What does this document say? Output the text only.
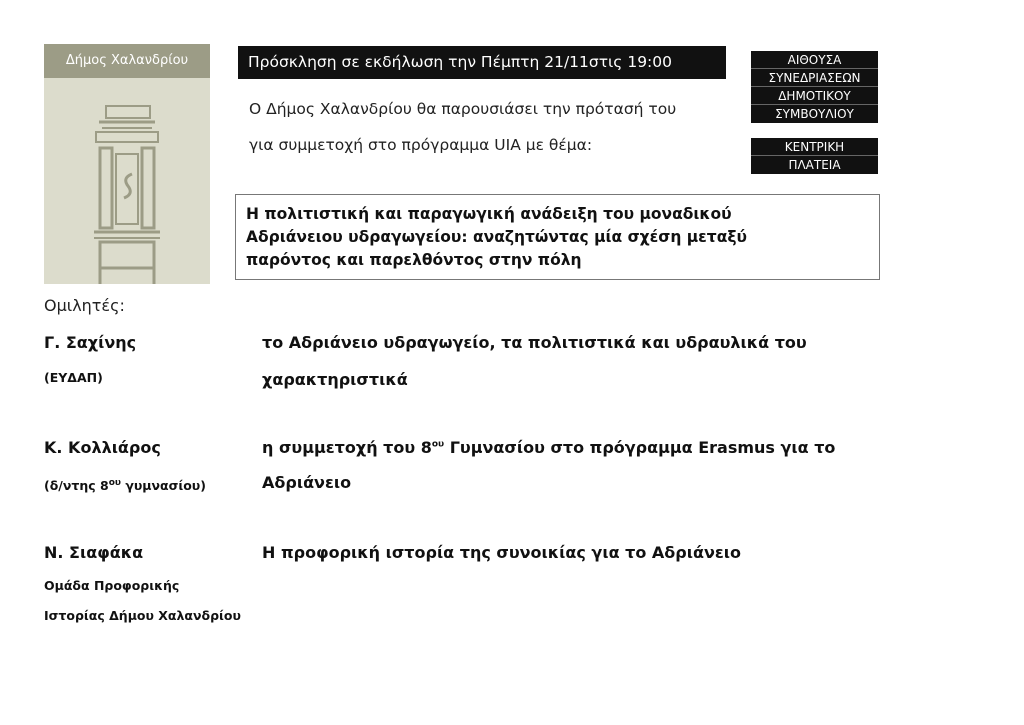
Δήμος Χαλανδρίου	Πρόσκληση σε εκδήλωση την Πέμπτη 21/11στις 19:00	ΑΙΘΟΥΣΑ
ΣΥΝΕΔΡΙΑΣΕΩΝ
ΔΗΜΟΤΙΚΟΥ
ΣΥΜΒΟΥΛΙΟΥ
ΚΕΝΤΡΙΚΗ
ΠΛΑΤΕΙΑ
Ο Δήμος Χαλανδρίου θα παρουσιάσει την πρότασή του
για συμμετοχή στο πρόγραμμα UIA με θέμα:
Η πολιτιστική και παραγωγική ανάδειξη του μοναδικού
Αδριάνειου υδραγωγείου: αναζητώντας μία σχέση μεταξύ
παρόντος και παρελθόντος στην πόλη
Ομιλητές:
Γ. Σαχίνης
(ΕΥΔΑΠ)
το Αδριάνειο υδραγωγείο, τα πολιτιστικά και υδραυλικά του
χαρακτηριστικά
Κ. Κολλιάρος
(δ/ντης $8^{o\upsilon}$ γυμνασίου)
η συμμετοχή του $8^{o\upsilon}$ Γυμνασίου στο πρόγραμμα Erasmus για το
Αδριάνειο
Ν. Σιαφάκα
Ομάδα Προφορικής
Ιστορίας Δήμου Χαλανδρίου
Η προφορική ιστορία της συνοικίας για το Αδριάνειο
